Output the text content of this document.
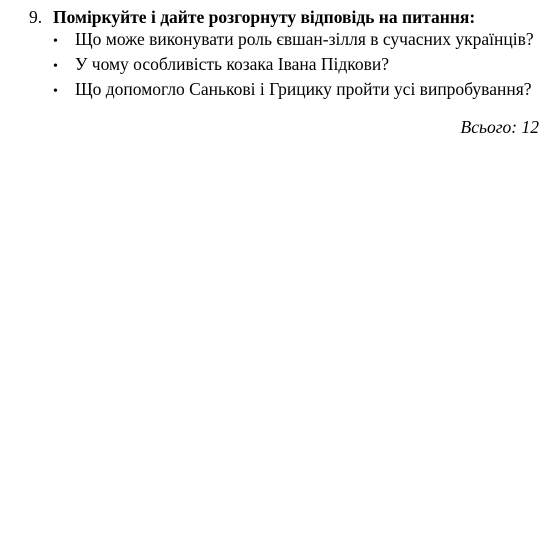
9. Поміркуйте і дайте розгорнуту відповідь на питання:
• Що може виконувати роль євшан-зілля в сучасних українців?
• У чому особливість козака Івана Підкови?
• Що допомогло Санькові і Грицику пройти усі випробування?
Всього: 12
